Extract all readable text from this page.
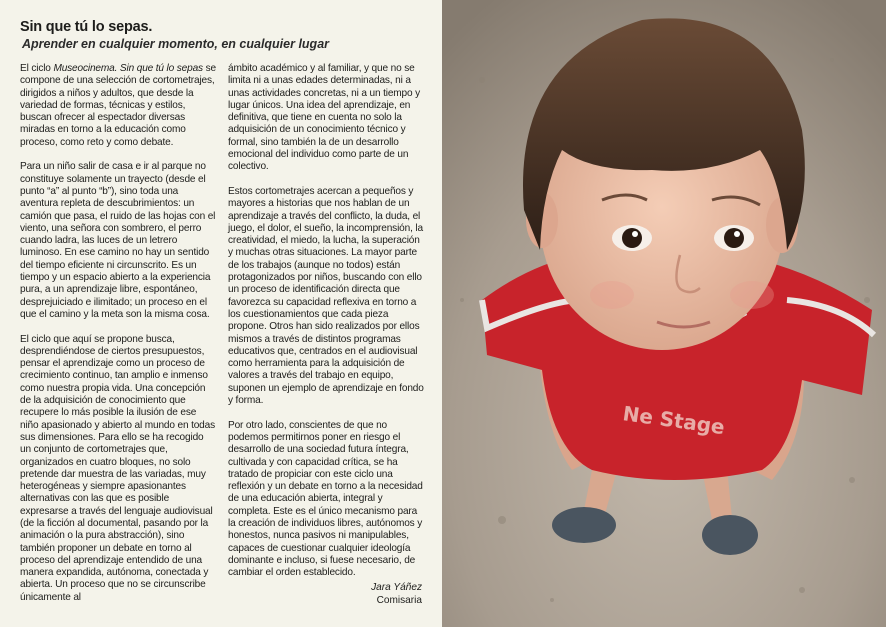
Sin que tú lo sepas.
Aprender en cualquier momento, en cualquier lugar

El ciclo Museocinema. Sin que tú lo sepas se compone de una selección de cortometrajes, dirigidos a niños y adultos, que desde la variedad de formas, técnicas y estilos, buscan ofrecer al espectador diversas miradas en torno a la educación como proceso, como reto y como debate.

Para un niño salir de casa e ir al parque no constituye solamente un trayecto (desde el punto “a” al punto “b”), sino toda una aventura repleta de descubrimientos: un camión que pasa, el ruido de las hojas con el viento, una señora con sombrero, el perro cuando ladra, las luces de un letrero luminoso. En ese camino no hay un sentido del tiempo eficiente ni circunscrito. Es un tiempo y un espacio abierto a la experiencia pura, a un aprendizaje libre, espontáneo, desprejuiciado e ilimitado; un proceso en el que el camino y la meta son la misma cosa.

El ciclo que aquí se propone busca, desprendiéndose de ciertos presupuestos, pensar el aprendizaje como un proceso de crecimiento continuo, tan amplio e inmenso como nuestra propia vida. Una concepción de la adquisición de conocimiento que recupere lo más posible la ilusión de ese niño apasionado y abierto al mundo en todas sus dimensiones. Para ello se ha recogido un conjunto de cortometrajes que, organizados en cuatro bloques, no solo pretende dar muestra de las variadas, muy heterogéneas y siempre apasionantes alternativas con las que es posible expresarse a través del lenguaje audiovisual (de la ficción al documental, pasando por la animación o la pura abstracción), sino también proponer un debate en torno al proceso del aprendizaje entendido de una manera expandida, autónoma, conectada y abierta. Un proceso que no se circunscribe únicamente al

ámbito académico y al familiar, y que no se limita ni a unas edades determinadas, ni a unas actividades concretas, ni a un tiempo y lugar únicos. Una idea del aprendizaje, en definitiva, que tiene en cuenta no solo la adquisición de un conocimiento técnico y formal, sino también la de un desarrollo emocional del individuo como parte de un colectivo.

Estos cortometrajes acercan a pequeños y mayores a historias que nos hablan de un aprendizaje a través del conflicto, la duda, el juego, el dolor, el sueño, la incomprensión, la creatividad, el miedo, la lucha, la superación y muchas otras situaciones. La mayor parte de los trabajos (aunque no todos) están protagonizados por niños, buscando con ello un proceso de identificación directa que favorezca su capacidad reflexiva en torno a los cuestionamientos que cada pieza propone. Otros han sido realizados por ellos mismos a través de distintos programas educativos que, centrados en el audiovisual como herramienta para la adquisición de valores a través del trabajo en equipo, suponen un ejemplo de aprendizaje en fondo y forma.

Por otro lado, conscientes de que no podemos permitirnos poner en riesgo el desarrollo de una sociedad futura íntegra, cultivada y con capacidad crítica, se ha tratado de propiciar con este ciclo una reflexión y un debate en torno a la necesidad de una educación abierta, integral y completa. Este es el único mecanismo para la creación de individuos libres, autónomos y honestos, nunca pasivos ni manipulables, capaces de cuestionar cualquier ideología dominante e incluso, si fuese necesario, de cambiar el orden establecido.

Jara Yáñez
Comisaria
Ne Stage
